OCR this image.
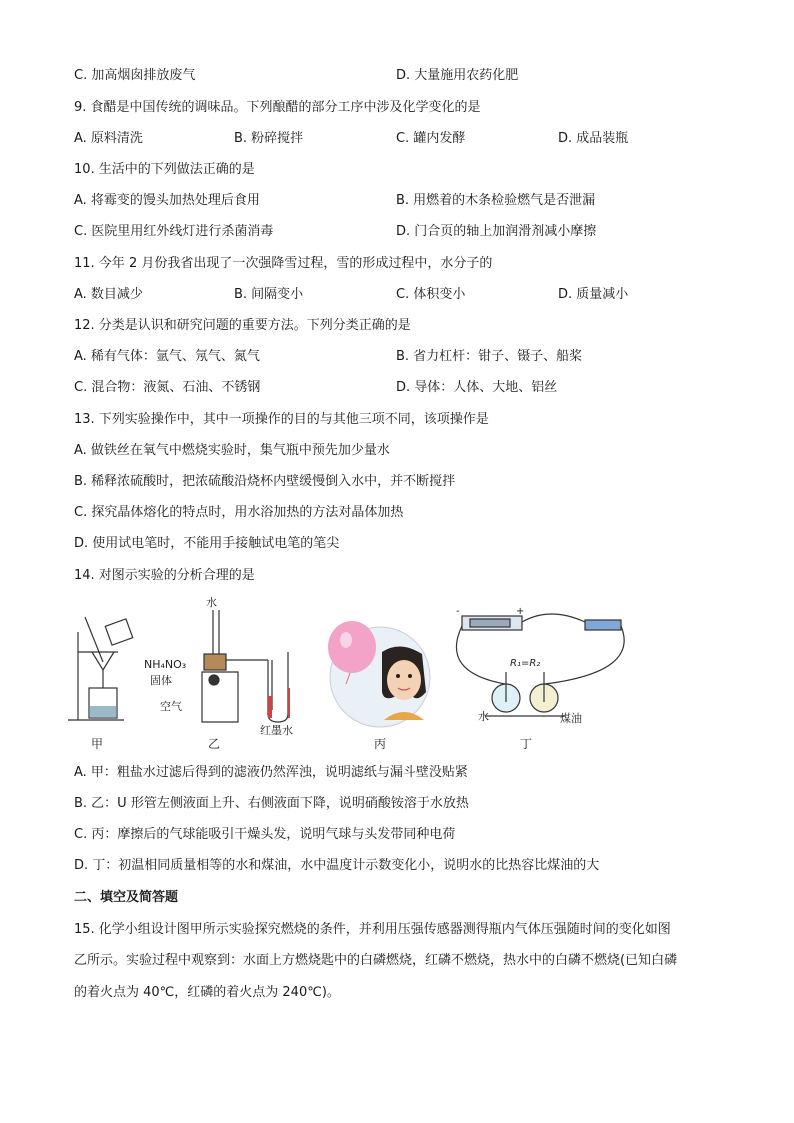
C. 加高烟囱排放废气	D. 大量施用农药化肥
9. 食醋是中国传统的调味品。下列酿醋的部分工序中涉及化学变化的是
A. 原料清洗	B. 粉碎搅拌	C. 罐内发酵	D. 成品装瓶
10. 生活中的下列做法正确的是
A. 将霉变的馒头加热处理后食用	B. 用燃着的木条检验燃气是否泄漏
C. 医院里用红外线灯进行杀菌消毒	D. 门合页的轴上加润滑剂减小摩擦
11. 今年 2 月份我省出现了一次强降雪过程，雪的形成过程中，水分子的
A. 数目减少	B. 间隔变小	C. 体积变小	D. 质量减小
12. 分类是认识和研究问题的重要方法。下列分类正确的是
A. 稀有气体：氩气、氖气、氮气	B. 省力杠杆：钳子、镊子、船桨
C. 混合物：液氮、石油、不锈钢	D. 导体：人体、大地、铝丝
13. 下列实验操作中，其中一项操作的目的与其他三项不同，该项操作是
A. 做铁丝在氧气中燃烧实验时，集气瓶中预先加少量水
B. 稀释浓硫酸时，把浓硫酸沿烧杯内壁缓慢倒入水中，并不断搅拌
C. 探究晶体熔化的特点时，用水浴加热的方法对晶体加热
D. 使用试电笔时，不能用手接触试电笔的笔尖
14. 对图示实验的分析合理的是
甲
水
NH₄NO₃
固体
空气
红墨水
乙	丙
-	+
R₁=R₂
水	煤油
丁
A. 甲：粗盐水过滤后得到的滤液仍然浑浊，说明滤纸与漏斗壁没贴紧
B. 乙：U 形管左侧液面上升、右侧液面下降，说明硝酸铵溶于水放热
C. 丙：摩擦后的气球能吸引干燥头发，说明气球与头发带同种电荷
D. 丁：初温相同质量相等的水和煤油，水中温度计示数变化小，说明水的比热容比煤油的大
二、填空及简答题
15. 化学小组设计图甲所示实验探究燃烧的条件，并利用压强传感器测得瓶内气体压强随时间的变化如图
乙所示。实验过程中观察到：水面上方燃烧匙中的白磷燃烧，红磷不燃烧，热水中的白磷不燃烧(已知白磷
的着火点为 40℃，红磷的着火点为 240℃)。
